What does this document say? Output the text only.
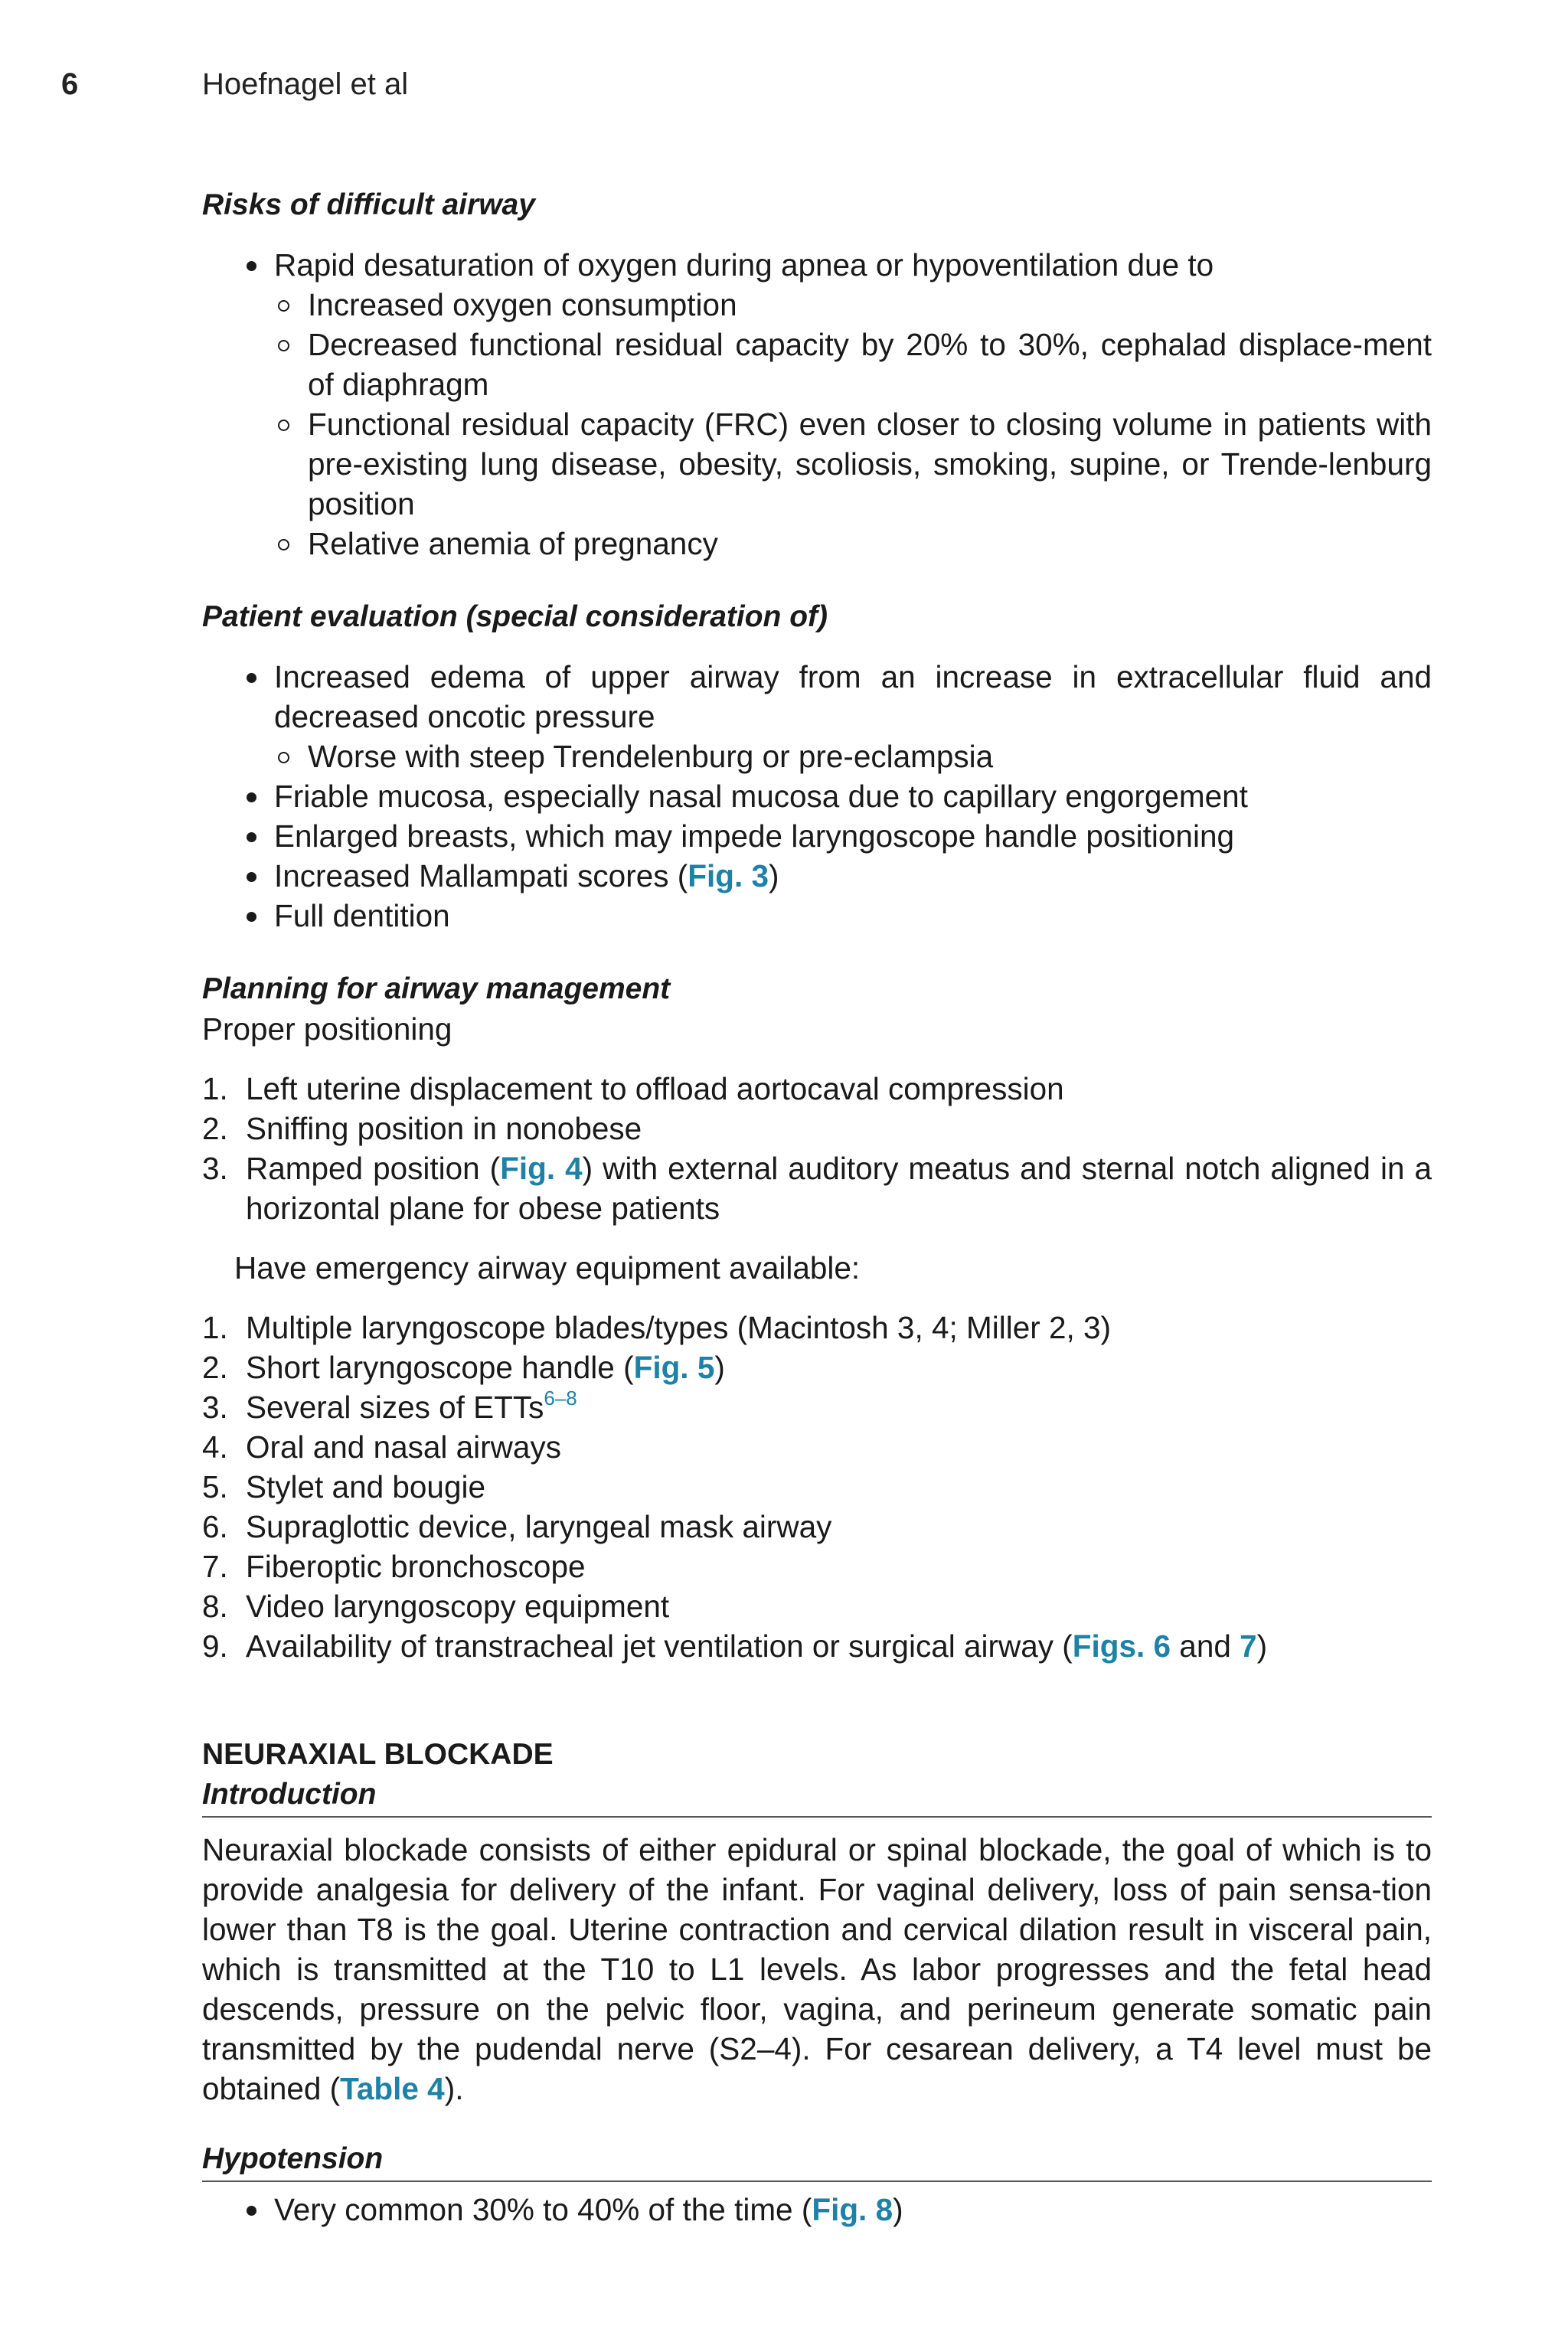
6	Hoefnagel et al
Risks of difficult airway
Rapid desaturation of oxygen during apnea or hypoventilation due to
Increased oxygen consumption
Decreased functional residual capacity by 20% to 30%, cephalad displace-ment of diaphragm
Functional residual capacity (FRC) even closer to closing volume in patients with pre-existing lung disease, obesity, scoliosis, smoking, supine, or Trende-lenburg position
Relative anemia of pregnancy
Patient evaluation (special consideration of)
Increased edema of upper airway from an increase in extracellular fluid and decreased oncotic pressure
Worse with steep Trendelenburg or pre-eclampsia
Friable mucosa, especially nasal mucosa due to capillary engorgement
Enlarged breasts, which may impede laryngoscope handle positioning
Increased Mallampati scores (Fig. 3)
Full dentition
Planning for airway management

Proper positioning

1. Left uterine displacement to offload aortocaval compression
2. Sniffing position in nonobese
3. Ramped position (Fig. 4) with external auditory meatus and sternal notch aligned in a horizontal plane for obese patients

Have emergency airway equipment available:

1. Multiple laryngoscope blades/types (Macintosh 3, 4; Miller 2, 3)
2. Short laryngoscope handle (Fig. 5)
3. Several sizes of ETTs$^{6-8}$
4. Oral and nasal airways
5. Stylet and bougie
6. Supraglottic device, laryngeal mask airway
7. Fiberoptic bronchoscope
8. Video laryngoscopy equipment
9. Availability of transtracheal jet ventilation or surgical airway (Figs. 6 and 7)
NEURAXIAL BLOCKADE
Introduction

Neuraxial blockade consists of either epidural or spinal blockade, the goal of which is to provide analgesia for delivery of the infant. For vaginal delivery, loss of pain sensa-tion lower than T8 is the goal. Uterine contraction and cervical dilation result in visceral pain, which is transmitted at the T10 to L1 levels. As labor progresses and the fetal head descends, pressure on the pelvic floor, vagina, and perineum generate somatic pain transmitted by the pudendal nerve (S2–4). For cesarean delivery, a T4 level must be obtained (Table 4).

Hypotension
Very common 30% to 40% of the time (Fig. 8)
